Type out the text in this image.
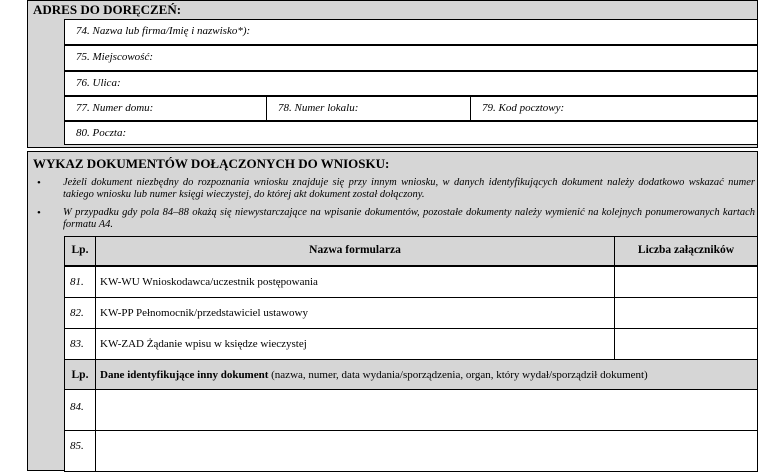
ADRES DO DORĘCZEŃ:
74. Nazwa lub firma/Imię i nazwisko*):
75. Miejscowość:
76. Ulica:
77. Numer domu:	78. Numer lokalu:	79. Kod pocztowy:
80. Poczta:
WYKAZ DOKUMENTÓW DOŁĄCZONYCH DO WNIOSKU:
• Jeżeli dokument niezbędny do rozpoznania wniosku znajduje się przy innym wniosku, w danych identyfikujących dokument należy dodatkowo wskazać numer takiego wniosku lub numer księgi wieczystej, do której akt dokument został dołączony.
• W przypadku gdy pola 84–88 okażą się niewystarczające na wpisanie dokumentów, pozostałe dokumenty należy wymienić na kolejnych ponumerowanych kartach formatu A4.
Lp.	Nazwa formularza	Liczba załączników
81. KW-WU Wnioskodawca/uczestnik postępowania
82. KW-PP Pełnomocnik/przedstawiciel ustawowy
83. KW-ZAD Żądanie wpisu w księdze wieczystej
Lp.	Dane identyfikujące inny dokument (nazwa, numer, data wydania/sporządzenia, organ, który wydał/sporządził dokument)
84.
85.
